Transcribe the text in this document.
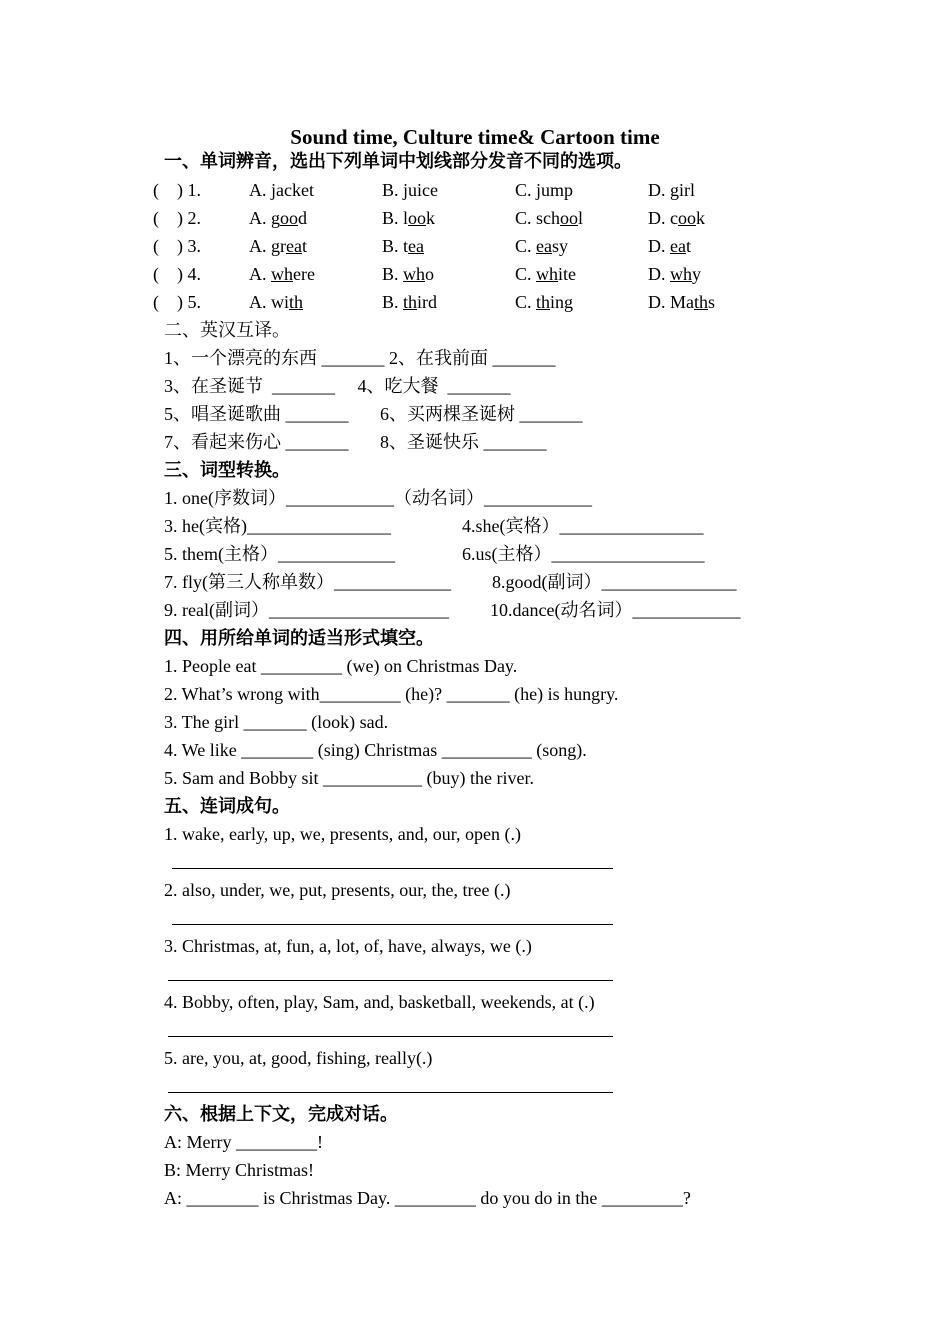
Sound time, Culture time& Cartoon time
一、单词辨音，选出下列单词中划线部分发音不同的选项。
(    ) 1.	A. jacket	B. juice	C. jump	D. girl
(    ) 2.	A. good	B. look	C. school	D. cook
(    ) 3.	A. great	B. tea	C. easy	D. eat
(    ) 4.	A. where	B. who	C. white	D. why
(    ) 5.	A. with	B. third	C. thing	D. Maths
二、英汉互译。
1、一个漂亮的东西 _______ 2、在我前面 _______
3、在圣诞节  _______     4、吃大餐  _______
5、唱圣诞歌曲 _______       6、买两棵圣诞树 _______
7、看起来伤心 _______       8、圣诞快乐 _______
三、词型转换。
1. one(序数词）____________（动名词）____________
3. he(宾格)________________	4.she(宾格）________________
5. them(主格）_____________	6.us(主格）_________________
7. fly(第三人称单数）_____________ 8.good(副词）_______________
9. real(副词）____________________ 10.dance(动名词）____________
四、用所给单词的适当形式填空。
1. People eat _________ (we) on Christmas Day.
2. What’s wrong with_________ (he)? _______ (he) is hungry.
3. The girl _______ (look) sad.
4. We like ________ (sing) Christmas __________ (song).
5. Sam and Bobby sit ___________ (buy) the river.
五、连词成句。
1. wake, early, up, we, presents, and, our, open (.)
2. also, under, we, put, presents, our, the, tree (.)
3. Christmas, at, fun, a, lot, of, have, always, we (.)
4. Bobby, often, play, Sam, and, basketball, weekends, at (.)
5. are, you, at, good, fishing, really(.)
六、根据上下文，完成对话。
A: Merry _________!
B: Merry Christmas!
A: ________ is Christmas Day. _________ do you do in the _________?
